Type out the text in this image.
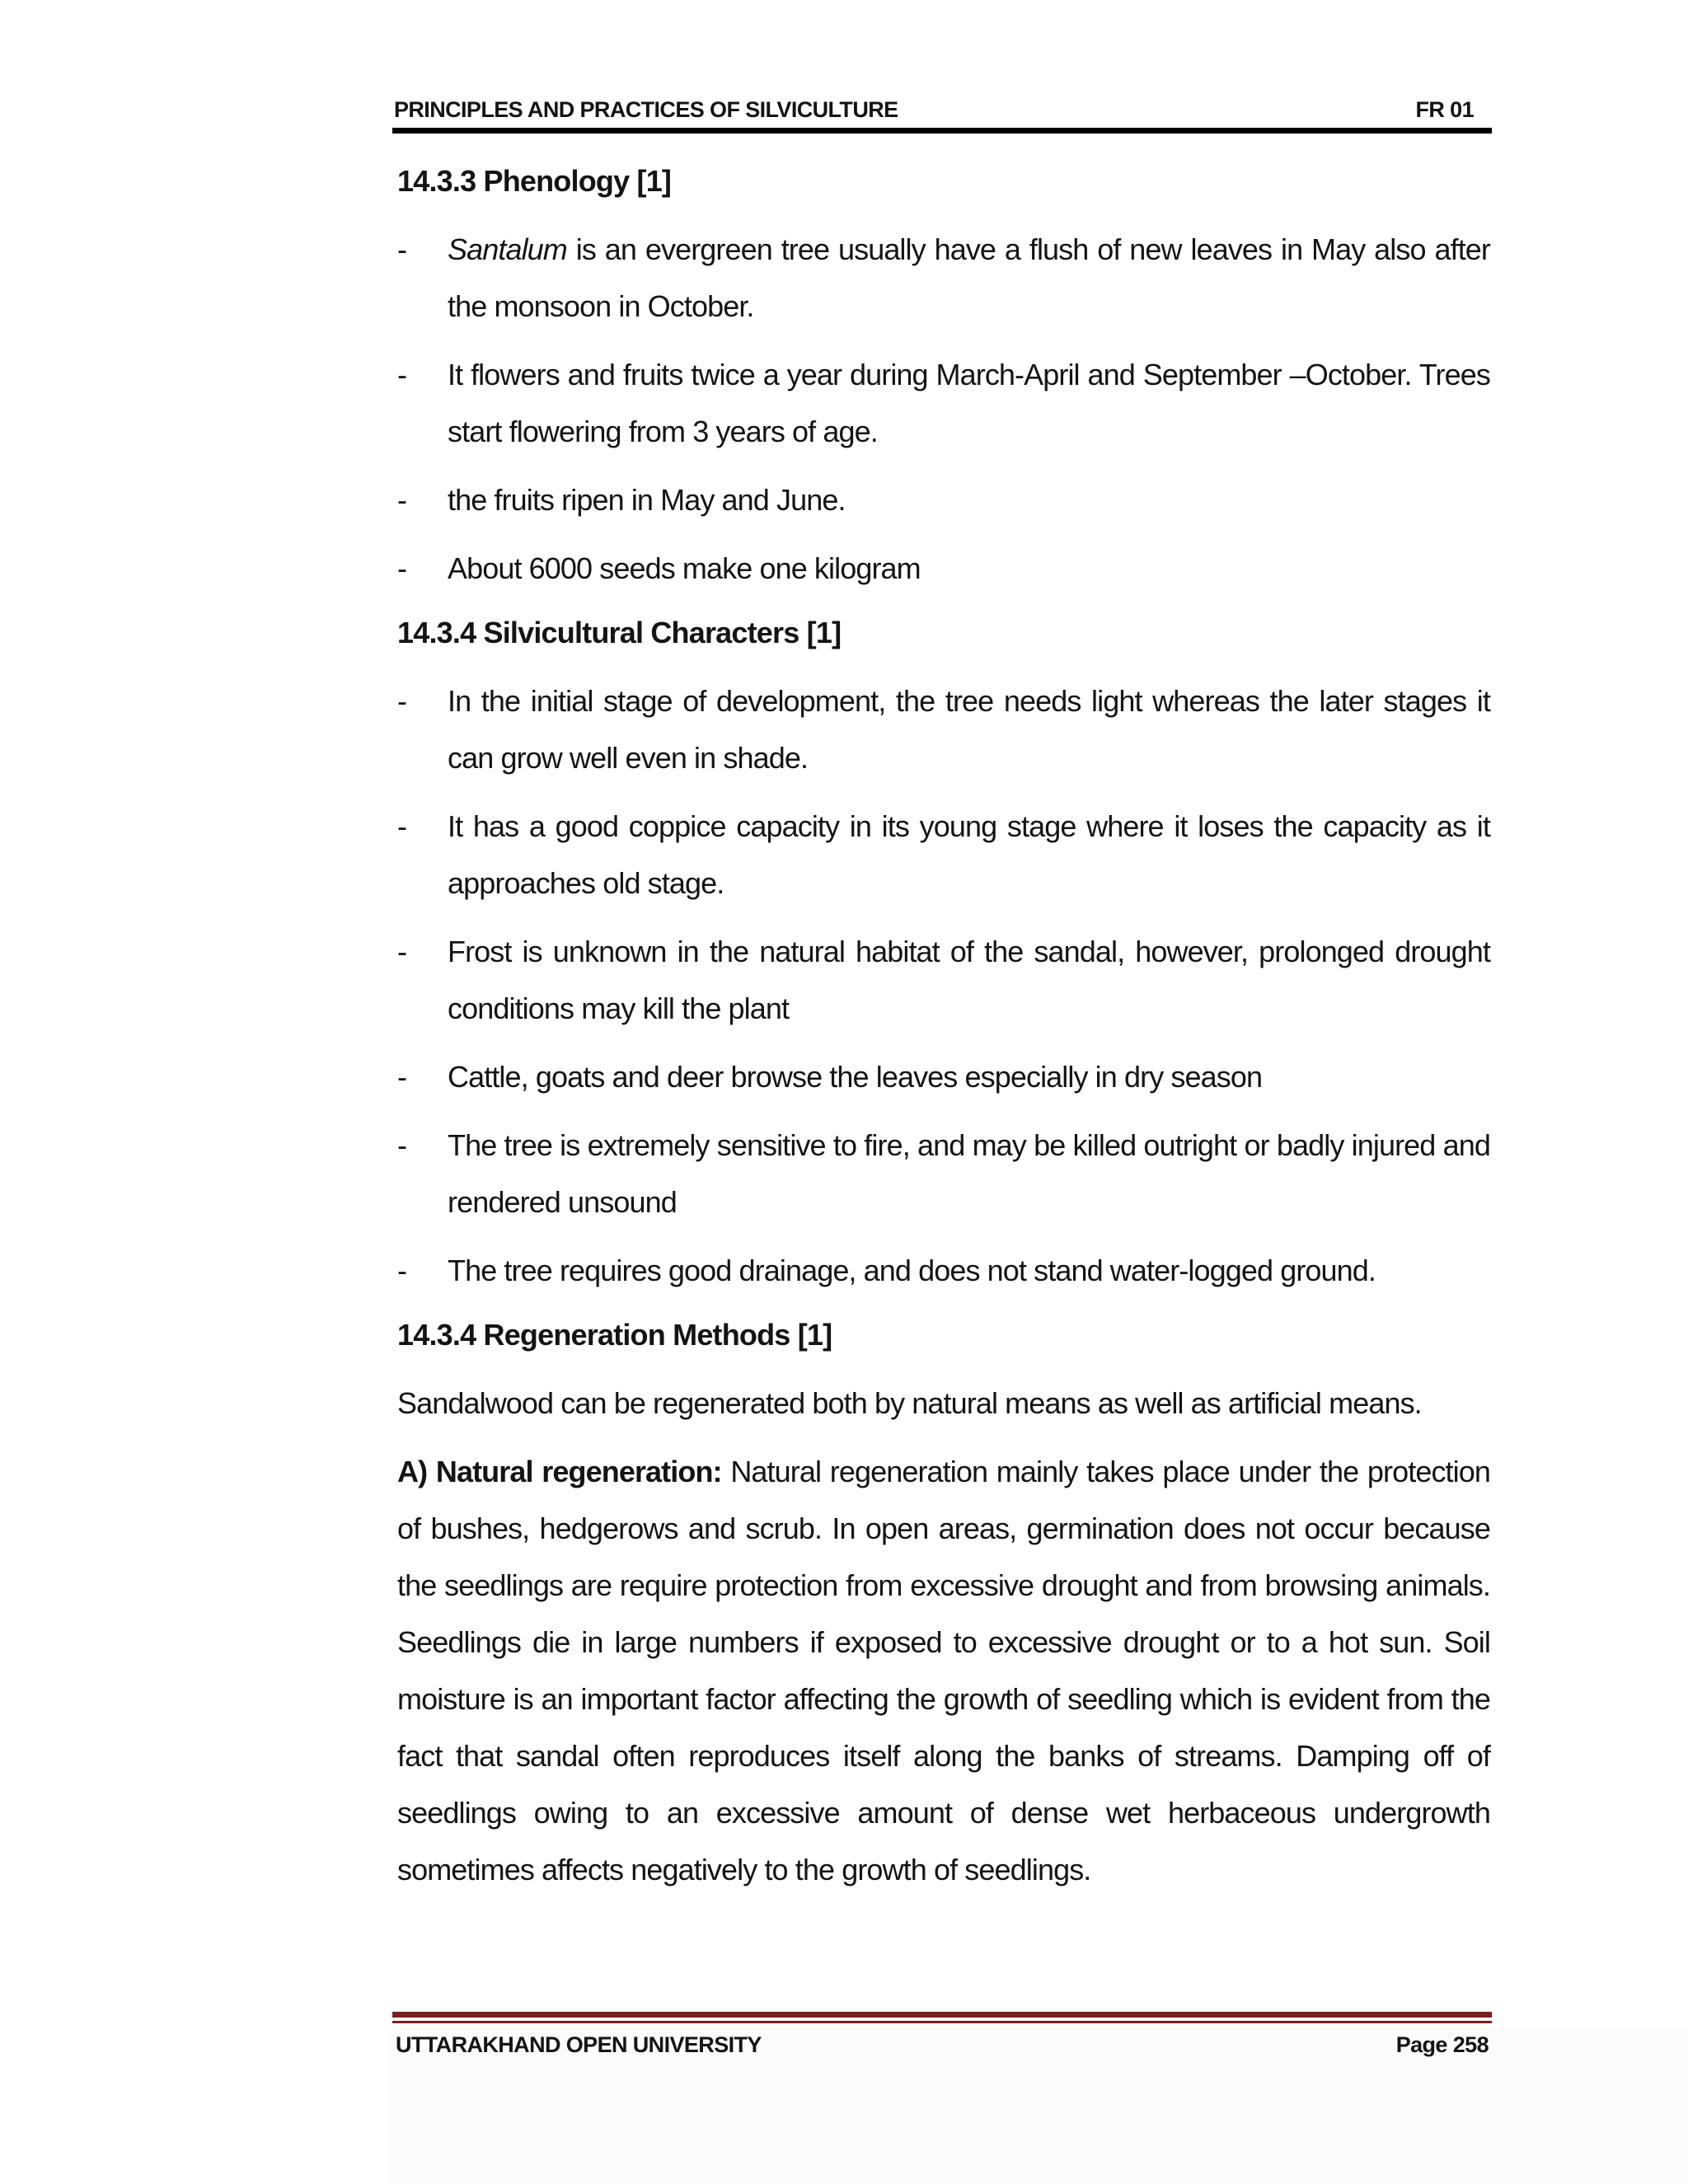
PRINCIPLES AND PRACTICES OF SILVICULTURE	FR 01
14.3.3 Phenology [1]
-	Santalum is an evergreen tree usually have a flush of new leaves in May also after the monsoon in October.
-	It flowers and fruits twice a year during March-April and September –October. Trees start flowering from 3 years of age.
-	the fruits ripen in May and June.
-	About 6000 seeds make one kilogram
14.3.4 Silvicultural Characters [1]
-	In the initial stage of development, the tree needs light whereas the later stages it can grow well even in shade.
-	It has a good coppice capacity in its young stage where it loses the capacity as it approaches old stage.
-	Frost is unknown in the natural habitat of the sandal, however, prolonged drought conditions may kill the plant
-	Cattle, goats and deer browse the leaves especially in dry season
-	The tree is extremely sensitive to fire, and may be killed outright or badly injured and rendered unsound
-	The tree requires good drainage, and does not stand water-logged ground.
14.3.4 Regeneration Methods [1]

Sandalwood can be regenerated both by natural means as well as artificial means.

A) Natural regeneration: Natural regeneration mainly takes place under the protection of bushes, hedgerows and scrub. In open areas, germination does not occur because the seedlings are require protection from excessive drought and from browsing animals. Seedlings die in large numbers if exposed to excessive drought or to a hot sun. Soil moisture is an important factor affecting the growth of seedling which is evident from the fact that sandal often reproduces itself along the banks of streams. Damping off of seedlings owing to an excessive amount of dense wet herbaceous undergrowth sometimes affects negatively to the growth of seedlings.

UTTARAKHAND OPEN UNIVERSITY	Page 258
